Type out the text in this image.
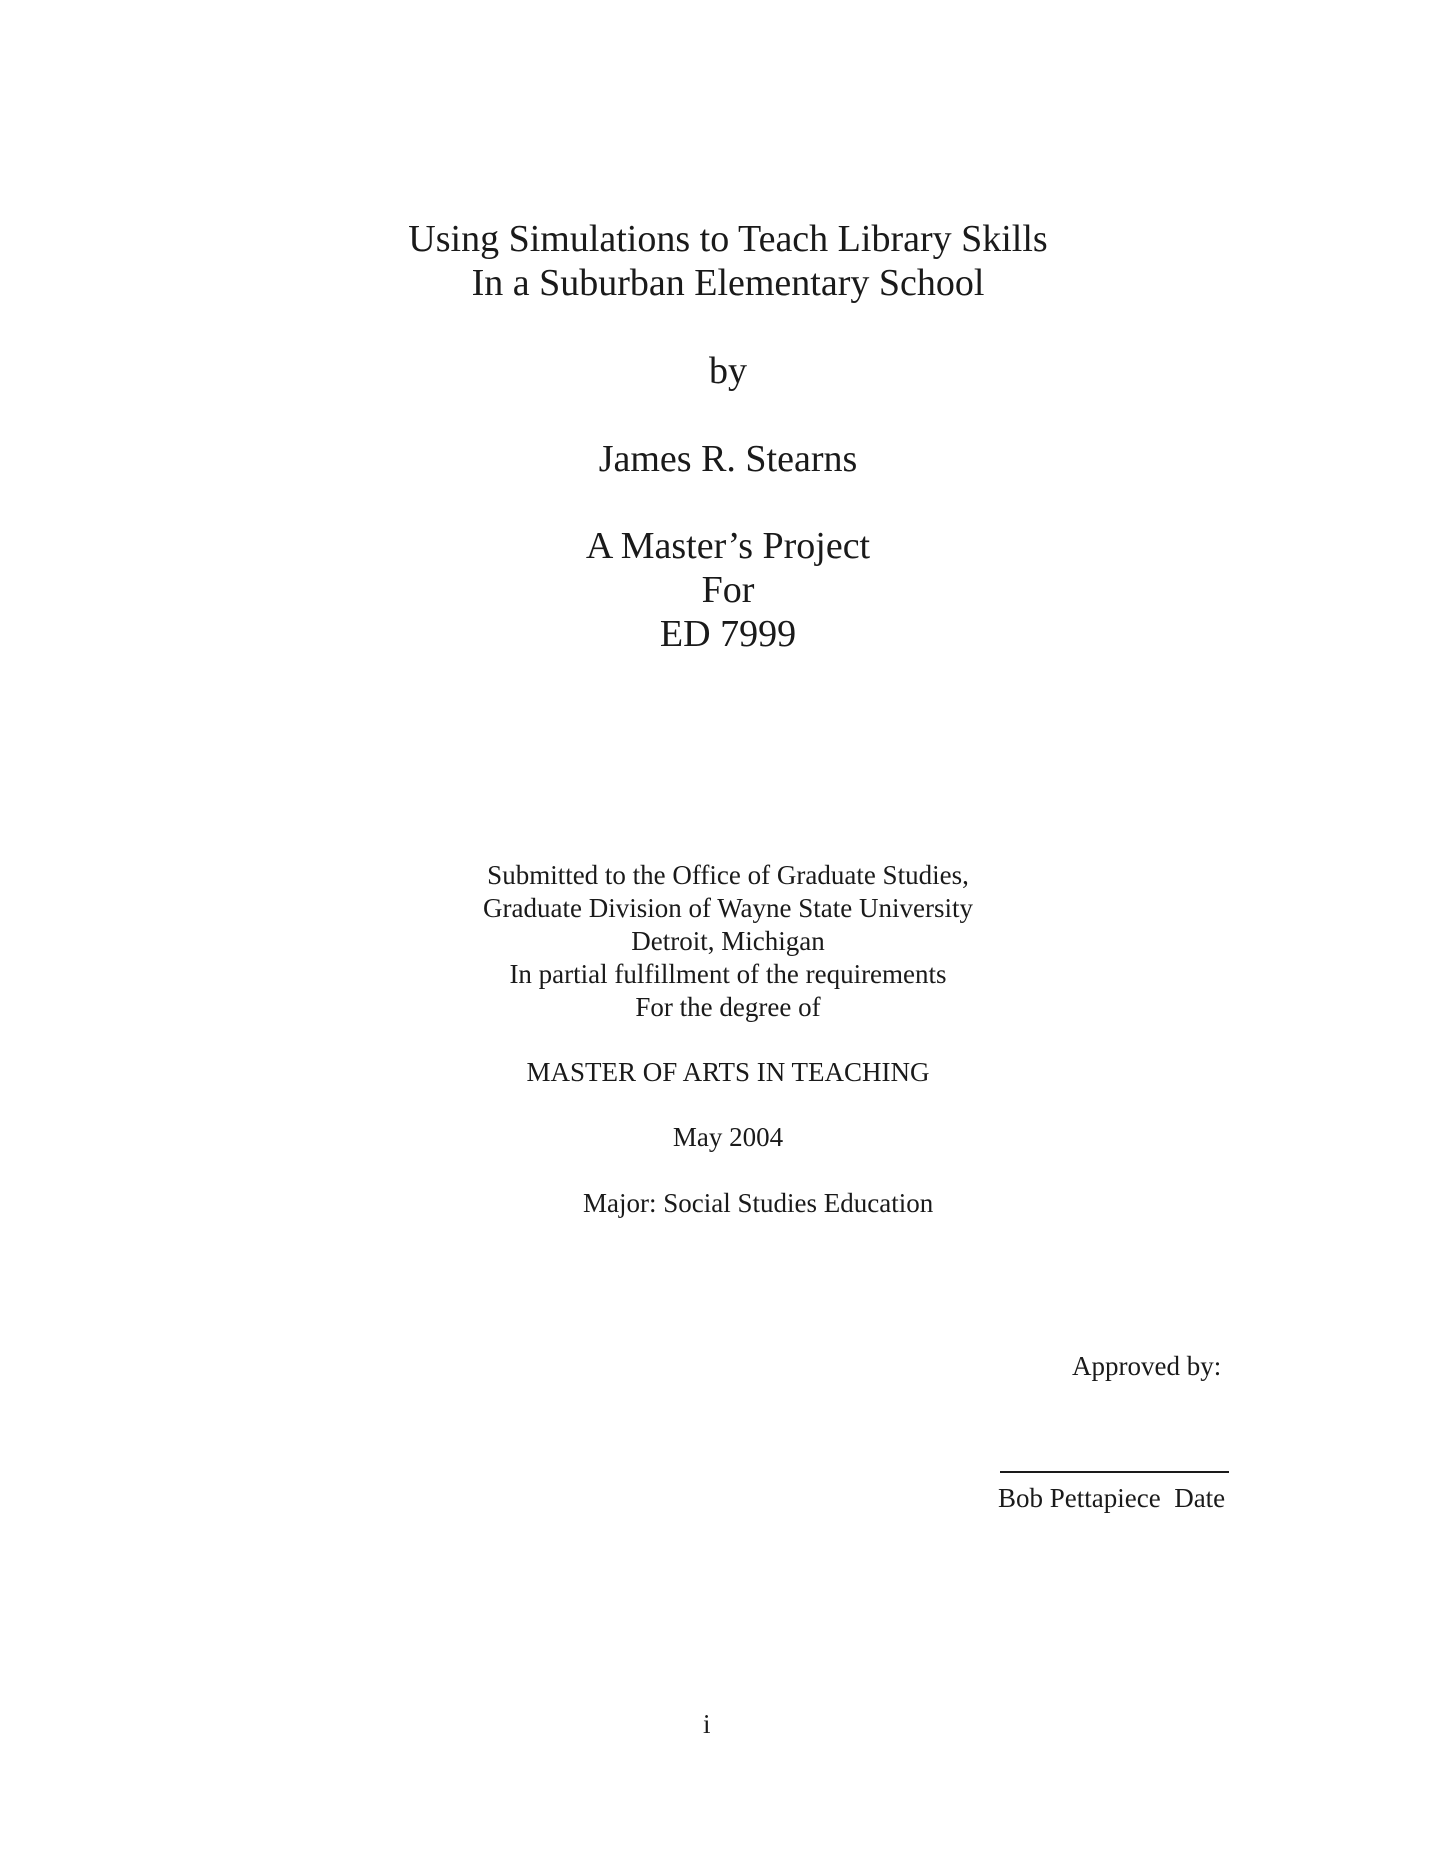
Using Simulations to Teach Library Skills
In a Suburban Elementary School
by
James R. Stearns
A Master’s Project
For
ED 7999
Submitted to the Office of Graduate Studies,
Graduate Division of Wayne State University
Detroit, Michigan
In partial fulfillment of the requirements
For the degree of
MASTER OF ARTS IN TEACHING
May 2004
Major: Social Studies Education
Approved by:
Bob Pettapiece  Date
i
